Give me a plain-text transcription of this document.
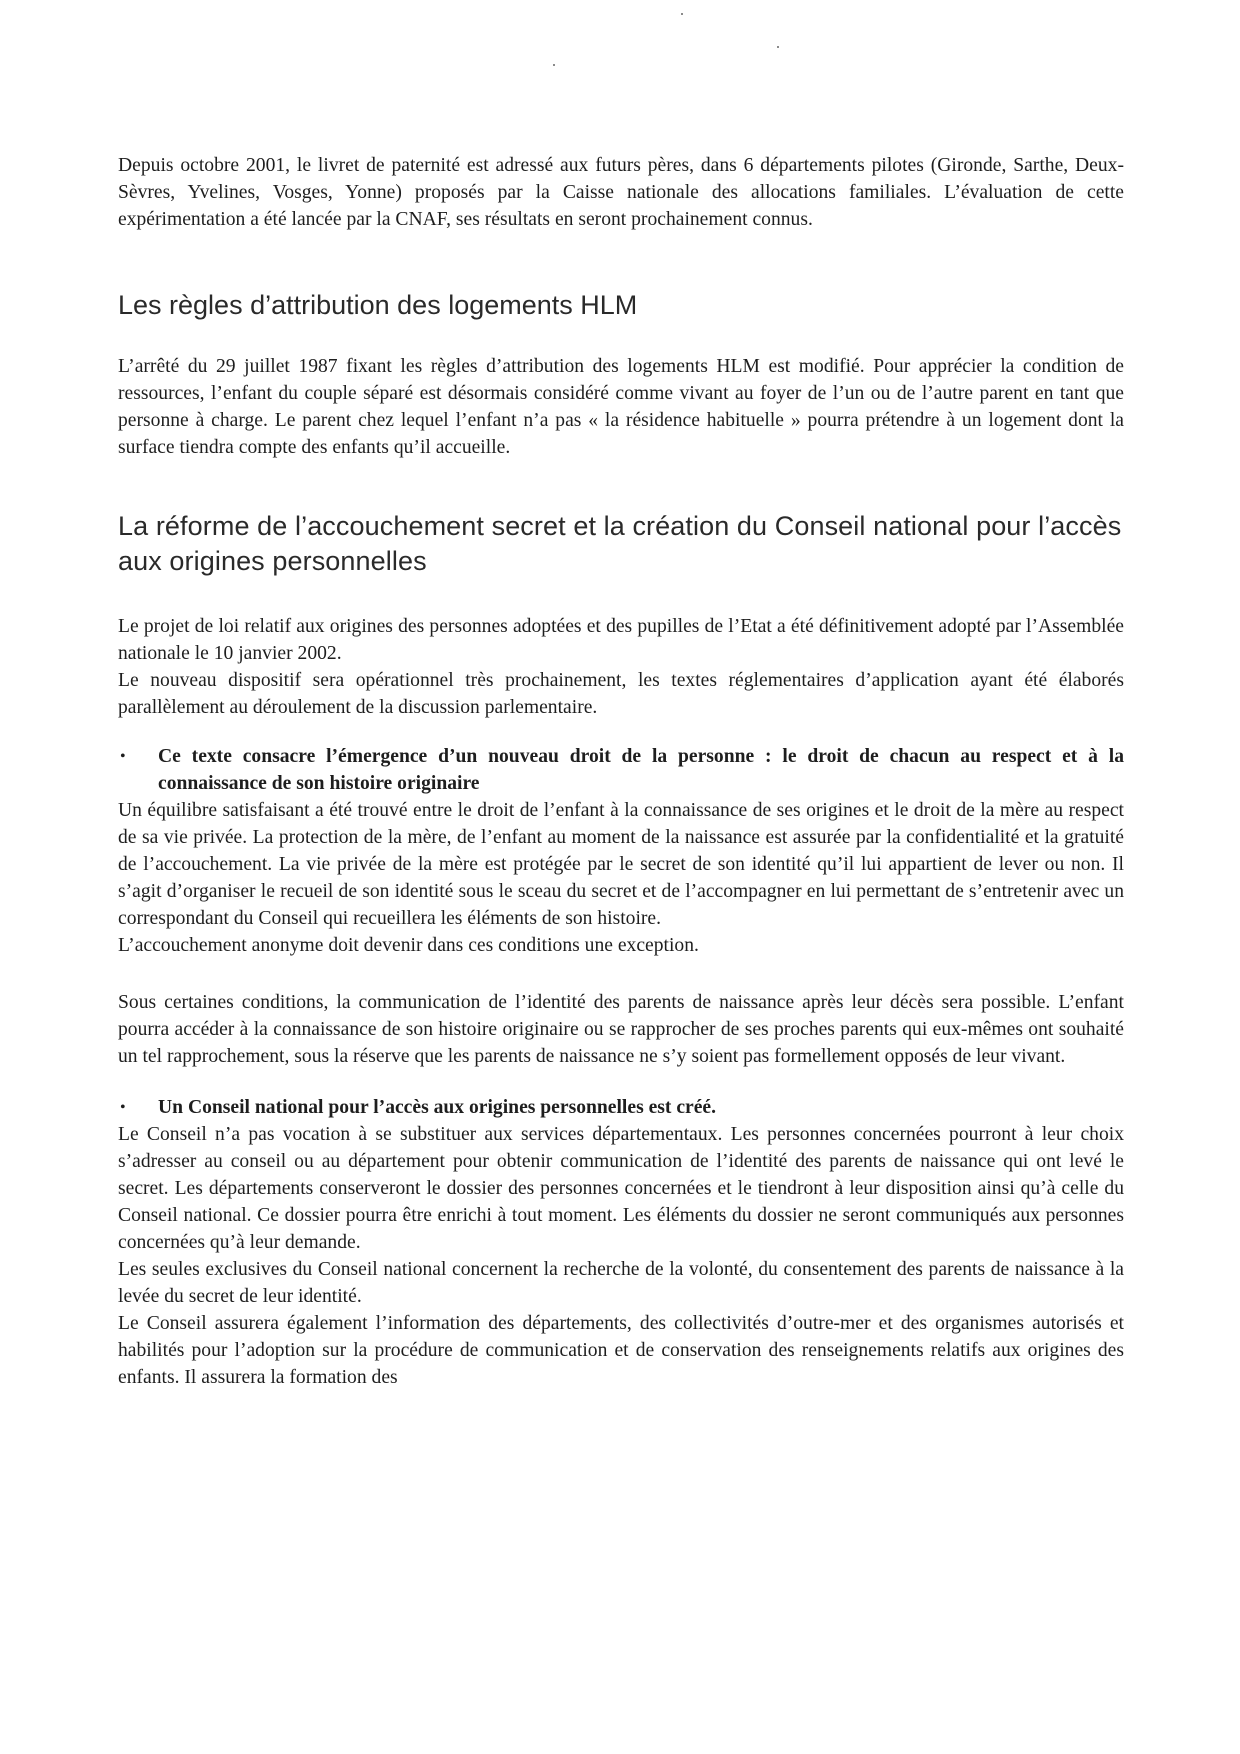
Depuis octobre 2001, le livret de paternité est adressé aux futurs pères, dans 6 départements pilotes (Gironde, Sarthe, Deux-Sèvres, Yvelines, Vosges, Yonne) proposés par la Caisse nationale des allocations familiales. L’évaluation de cette expérimentation a été lancée par la CNAF, ses résultats en seront prochainement connus.

Les règles d’attribution des logements HLM

L’arrêté du 29 juillet 1987 fixant les règles d’attribution des logements HLM est modifié. Pour apprécier la condition de ressources, l’enfant du couple séparé est désormais considéré comme vivant au foyer de l’un ou de l’autre parent en tant que personne à charge. Le parent chez lequel l’enfant n’a pas « la résidence habituelle » pourra prétendre à un logement dont la surface tiendra compte des enfants qu’il accueille.

La réforme de l’accouchement secret et la création du Conseil national pour l’accès aux origines personnelles

Le projet de loi relatif aux origines des personnes adoptées et des pupilles de l’Etat a été définitivement adopté par l’Assemblée nationale le 10 janvier 2002.

Le nouveau dispositif sera opérationnel très prochainement, les textes réglementaires d’application ayant été élaborés parallèlement au déroulement de la discussion parlementaire.

• Ce texte consacre l’émergence d’un nouveau droit de la personne : le droit de chacun au respect et à la connaissance de son histoire originaire

Un équilibre satisfaisant a été trouvé entre le droit de l’enfant à la connaissance de ses origines et le droit de la mère au respect de sa vie privée. La protection de la mère, de l’enfant au moment de la naissance est assurée par la confidentialité et la gratuité de l’accouchement. La vie privée de la mère est protégée par le secret de son identité qu’il lui appartient de lever ou non. Il s’agit d’organiser le recueil de son identité sous le sceau du secret et de l’accompagner en lui permettant de s’entretenir avec un correspondant du Conseil qui recueillera les éléments de son histoire.

L’accouchement anonyme doit devenir dans ces conditions une exception.

Sous certaines conditions, la communication de l’identité des parents de naissance après leur décès sera possible. L’enfant pourra accéder à la connaissance de son histoire originaire ou se rapprocher de ses proches parents qui eux-mêmes ont souhaité un tel rapprochement, sous la réserve que les parents de naissance ne s’y soient pas formellement opposés de leur vivant.

• Un Conseil national pour l’accès aux origines personnelles est créé.

Le Conseil n’a pas vocation à se substituer aux services départementaux. Les personnes concernées pourront à leur choix s’adresser au conseil ou au département pour obtenir communication de l’identité des parents de naissance qui ont levé le secret. Les départements conserveront le dossier des personnes concernées et le tiendront à leur disposition ainsi qu’à celle du Conseil national. Ce dossier pourra être enrichi à tout moment. Les éléments du dossier ne seront communiqués aux personnes concernées qu’à leur demande.

Les seules exclusives du Conseil national concernent la recherche de la volonté, du consentement des parents de naissance à la levée du secret de leur identité.

Le Conseil assurera également l’information des départements, des collectivités d’outre-mer et des organismes autorisés et habilités pour l’adoption sur la procédure de communication et de conservation des renseignements relatifs aux origines des enfants. Il assurera la formation des
